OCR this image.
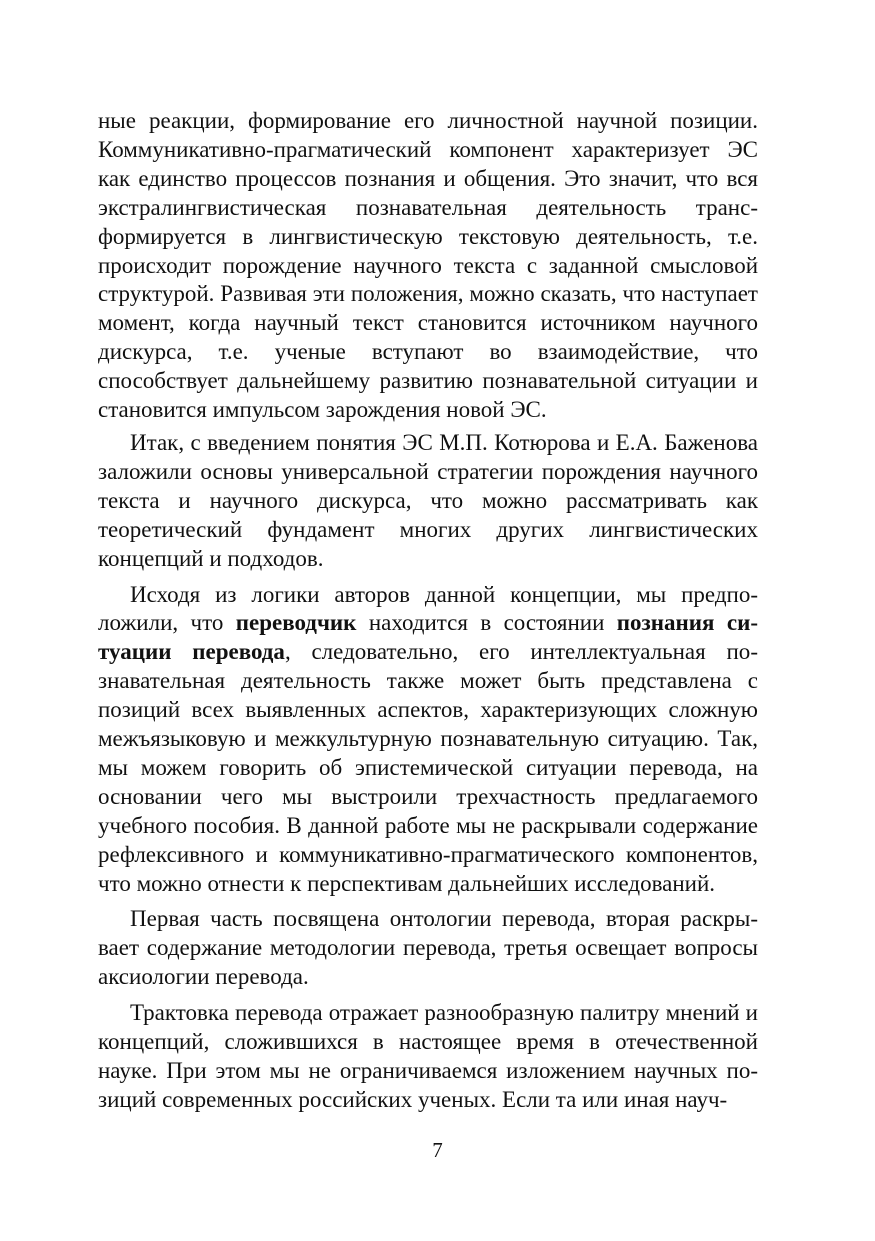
ные реакции, формирование его личностной научной позиции. Коммуникативно-прагматический компонент характеризует ЭС как единство процессов познания и общения. Это значит, что вся экстралингвистическая познавательная деятельность трансформируется в лингвистическую текстовую деятельность, т.е. происходит порождение научного текста с заданной смысловой структурой. Развивая эти положения, можно сказать, что наступает момент, когда научный текст становится источником научного дискурса, т.е. ученые вступают во взаимодействие, что способствует дальнейшему развитию познавательной ситуации и становится импульсом зарождения новой ЭС.

Итак, с введением понятия ЭС М.П. Котюрова и Е.А. Баженова заложили основы универсальной стратегии порождения научного текста и научного дискурса, что можно рассматривать как теоретический фундамент многих других лингвистических концепций и подходов.

Исходя из логики авторов данной концепции, мы предположили, что переводчик находится в состоянии познания ситуации перевода, следовательно, его интеллектуальная познавательная деятельность также может быть представлена с позиций всех выявленных аспектов, характеризующих сложную межъязыковую и межкультурную познавательную ситуацию. Так, мы можем говорить об эпистемической ситуации перевода, на основании чего мы выстроили трехчастность предлагаемого учебного пособия. В данной работе мы не раскрывали содержание рефлексивного и коммуникативно-прагматического компонентов, что можно отнести к перспективам дальнейших исследований.

Первая часть посвящена онтологии перевода, вторая раскрывает содержание методологии перевода, третья освещает вопросы аксиологии перевода.

Трактовка перевода отражает разнообразную палитру мнений и концепций, сложившихся в настоящее время в отечественной науке. При этом мы не ограничиваемся изложением научных позиций современных российских ученых. Если та или иная науч-

7
